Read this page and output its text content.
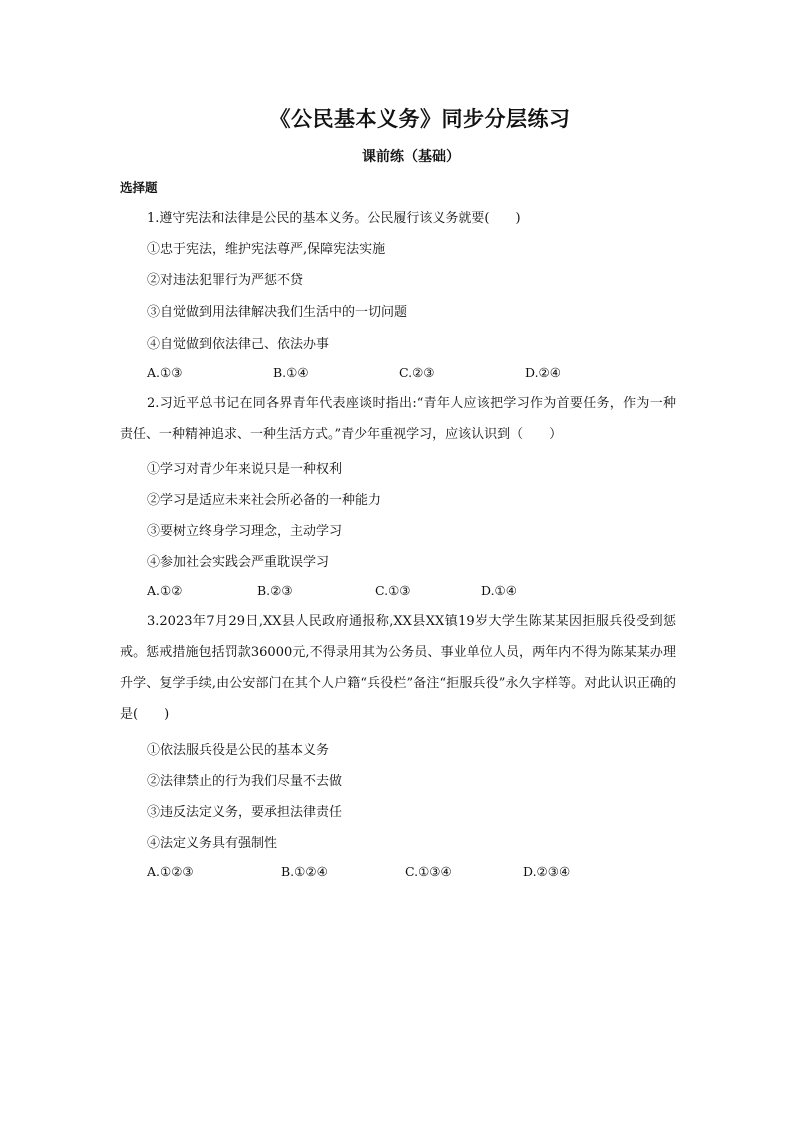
《公民基本义务》同步分层练习
课前练（基础）
选择题
1.遵守宪法和法律是公民的基本义务。公民履行该义务就要(　　)
①忠于宪法，维护宪法尊严,保障宪法实施
②对违法犯罪行为严惩不贷
③自觉做到用法律解决我们生活中的一切问题
④自觉做到依法律己、依法办事
A.①③	B.①④	C.②③	D.②④
2.习近平总书记在同各界青年代表座谈时指出:“青年人应该把学习作为首要任务，作为一种责任、一种精神追求、一种生活方式。”青少年重视学习，应该认识到（　　）
①学习对青少年来说只是一种权利
②学习是适应未来社会所必备的一种能力
③要树立终身学习理念，主动学习
④参加社会实践会严重耽误学习
A.①②	B.②③	C.①③	D.①④
3.2023年7月29日,XX县人民政府通报称,XX县XX镇19岁大学生陈某某因拒服兵役受到惩戒。惩戒措施包括罚款36000元,不得录用其为公务员、事业单位人员，两年内不得为陈某某办理升学、复学手续,由公安部门在其个人户籍“兵役栏”备注“拒服兵役”永久字样等。对此认识正确的是(　　)
①依法服兵役是公民的基本义务
②法律禁止的行为我们尽量不去做
③违反法定义务，要承担法律责任
④法定义务具有强制性
A.①②③	B.①②④	C.①③④	D.②③④
